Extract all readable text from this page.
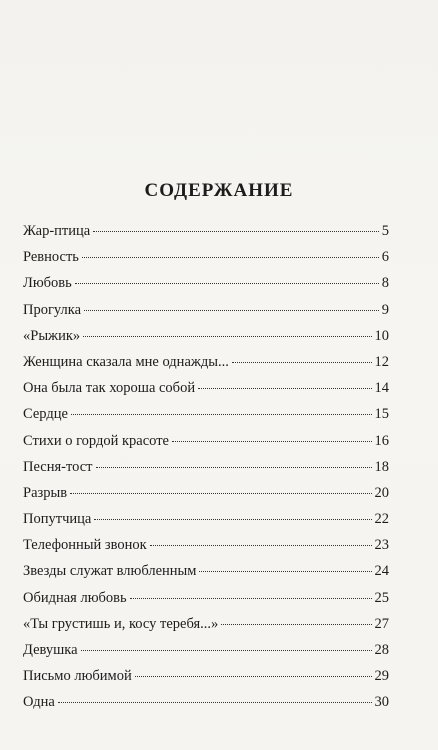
СОДЕРЖАНИЕ
Жар-птица	5
Ревность	6
Любовь	8
Прогулка	9
«Рыжик»	10
Женщина сказала мне однажды...	12
Она была так хороша собой	14
Сердце	15
Стихи о гордой красоте	16
Песня-тост	18
Разрыв	20
Попутчица	22
Телефонный звонок	23
Звезды служат влюбленным	24
Обидная любовь	25
«Ты грустишь и, косу теребя...»	27
Девушка	28
Письмо любимой	29
Одна	30
